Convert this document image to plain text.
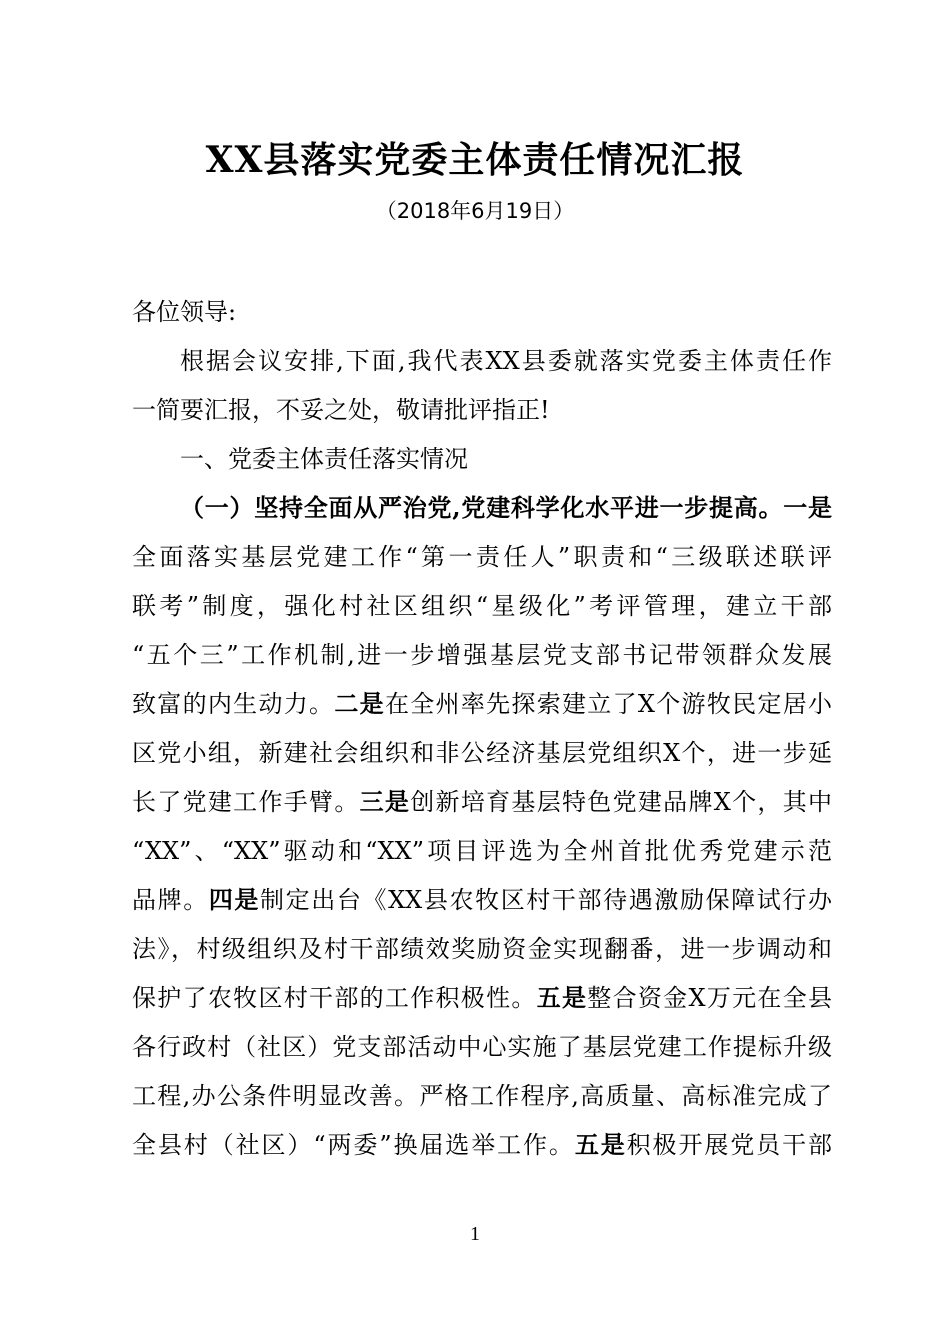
XX县落实党委主体责任情况汇报
（2018年6月19日）
各位领导:
根据会议安排,下面,我代表XX县委就落实党委主体责任作
一简要汇报，不妥之处，敬请批评指正!
一、党委主体责任落实情况
（一）坚持全面从严治党,党建科学化水平进一步提高。一是
全面落实基层党建工作“第一责任人”职责和“三级联述联评
联考”制度，强化村社区组织“星级化”考评管理，建立干部
“五个三”工作机制,进一步增强基层党支部书记带领群众发展
致富的内生动力。二是在全州率先探索建立了X个游牧民定居小
区党小组，新建社会组织和非公经济基层党组织X个，进一步延
长了党建工作手臂。三是创新培育基层特色党建品牌X个，其中
“XX”、“XX”驱动和“XX”项目评选为全州首批优秀党建示范
品牌。四是制定出台《XX县农牧区村干部待遇激励保障试行办
法》，村级组织及村干部绩效奖励资金实现翻番，进一步调动和
保护了农牧区村干部的工作积极性。五是整合资金X万元在全县
各行政村（社区）党支部活动中心实施了基层党建工作提标升级
工程,办公条件明显改善。严格工作程序,高质量、高标准完成了
全县村（社区）“两委”换届选举工作。五是积极开展党员干部
1
